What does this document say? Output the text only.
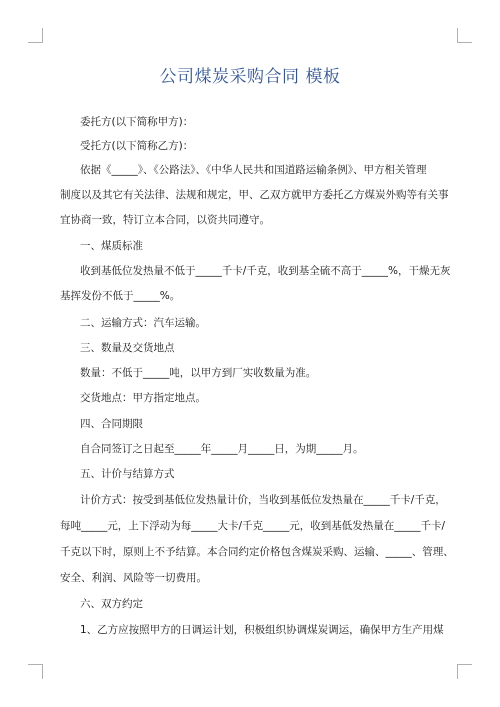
公司煤炭采购合同 模板
委托方(以下简称甲方)：
受托方(以下简称乙方)：
依据《_____》、《公路法》、《中华人民共和国道路运输条例》、甲方相关管理
制度以及其它有关法律、法规和规定，甲、乙双方就甲方委托乙方煤炭外购等有关事
宜协商一致，特订立本合同，以资共同遵守。
一、煤质标准
收到基低位发热量不低于_____千卡/千克，收到基全硫不高于_____%，干燥无灰
基挥发份不低于_____%。
二、运输方式：汽车运输。
三、数量及交货地点
数量：不低于_____吨，以甲方到厂实收数量为准。
交货地点：甲方指定地点。
四、合同期限
自合同签订之日起至_____年_____月_____日，为期_____月。
五、计价与结算方式
计价方式：按受到基低位发热量计价，当收到基低位发热量在_____千卡/千克，
每吨_____元，上下浮动为每_____大卡/千克_____元，收到基低发热量在_____千卡/
千克以下时，原则上不予结算。本合同约定价格包含煤炭采购、运输、_____、管理、
安全、利润、风险等一切费用。
六、双方约定
1、乙方应按照甲方的日调运计划，积极组织协调煤炭调运，确保甲方生产用煤
